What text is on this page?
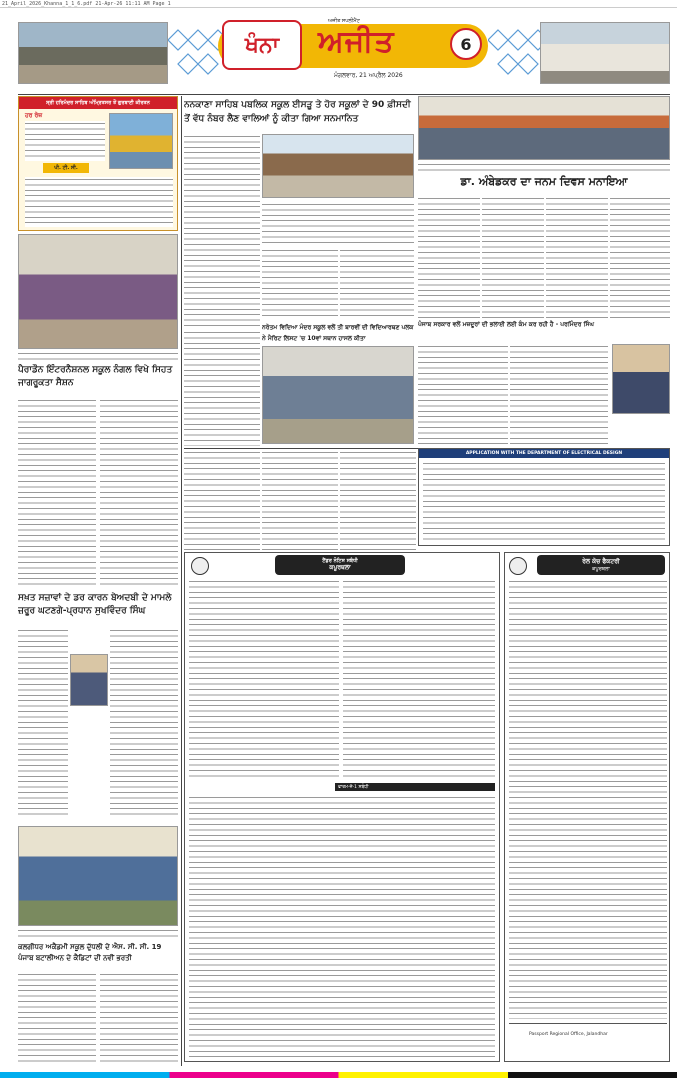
21_April_2026_Khanna_1_1_6.pdf 21-Apr-26 11:11 AM Page 1
ਖੰਨਾ
ਅਜੀਤ ਸਪਲੀਮੈਂਟ
ਅਜੀਤ
ਮੰਗਲਵਾਰ, 21 ਅਪ੍ਰੈਲ 2026
6
ਸ੍ਰੀ ਹਰਿਮੰਦਰ ਸਾਹਿਬ ਅੰਮ੍ਰਿਤਸਰ ਤੋਂ ਗੁਰਬਾਣੀ ਕੀਰਤਨ
ਹਰ ਰੋਜ਼
ਪੀ. ਟੀ. ਸੀ.
ਪੈਰਾਡੌਨ ਇੰਟਰਨੈਸ਼ਨਲ ਸਕੂਲ ਨੰਗਲ ਵਿਖੇ ਸਿਹਤ ਜਾਗਰੂਕਤਾ ਸੈਸ਼ਨ
ਸਖ਼ਤ ਸਜ਼ਾਵਾਂ ਦੇ ਡਰ ਕਾਰਨ ਬੇਅਦਬੀ ਦੇ ਮਾਮਲੇ ਜ਼ਰੂਰ ਘਟਣਗੇ-ਪ੍ਰਧਾਨ ਸੁਖਵਿੰਦਰ ਸਿੰਘ
ਕਲਗੀਧਰ ਅਕੈਡਮੀ ਸਕੂਲ ਦੁੱਧਲੀ ਦੇ ਐਸ. ਸੀ. ਸੀ. 19 ਪੰਜਾਬ ਬਟਾਲੀਅਨ ਦੇ ਕੈਡਿਟਾਂ ਦੀ ਨਵੀਂ ਭਰਤੀ
ਨਨਕਾਣਾ ਸਾਹਿਬ ਪਬਲਿਕ ਸਕੂਲ ਈਸੜੂ ਤੇ ਹੋਰ ਸਕੂਲਾਂ ਦੇ 90 ਫ਼ੀਸਦੀ ਤੋਂ ਵੱਧ ਨੰਬਰ ਲੈਣ ਵਾਲਿਆਂ ਨੂੰ ਕੀਤਾ ਗਿਆ ਸਨਮਾਨਿਤ
ਨਰੋਤਮ ਵਿਦਿਆ ਮੰਦਰ ਸਕੂਲ ਵਲੋਂ ਤੀ ਬਾਰਵੀਂ ਦੀ ਵਿਦਿਆਰਥਣ ਪਲਕ ਨੇ ਮੈਰਿਟ ਲਿਸਟ 'ਚ 10ਵਾਂ ਸਥਾਨ ਹਾਸਲ ਕੀਤਾ
ਡਾ. ਅੰਬੇਡਕਰ ਦਾ ਜਨਮ ਦਿਵਸ ਮਨਾਇਆ
ਪੰਜਾਬ ਸਰਕਾਰ ਵਲੋਂ ਮਜ਼ਦੂਰਾਂ ਦੀ ਭਲਾਈ ਲਈ ਕੰਮ ਕਰ ਰਹੀ ਹੈ - ਪਰਮਿੰਦਰ ਸਿੰਘ
APPLICATION WITH THE DEPARTMENT OF ELECTRICAL DESIGN
ਟੈਂਡਰ ਨੋਟਿਸ ਸਬੰਧੀ
ਕਪੂਰਥਲਾ
ਫਾਰਮ-ਜੇ-1 ਸਬੰਧੀ
ਰੇਲ ਕੋਚ ਫੈਕਟਰੀ
ਕਪੂਰਥਲਾ
Passport Regional Office, Jalandhar
